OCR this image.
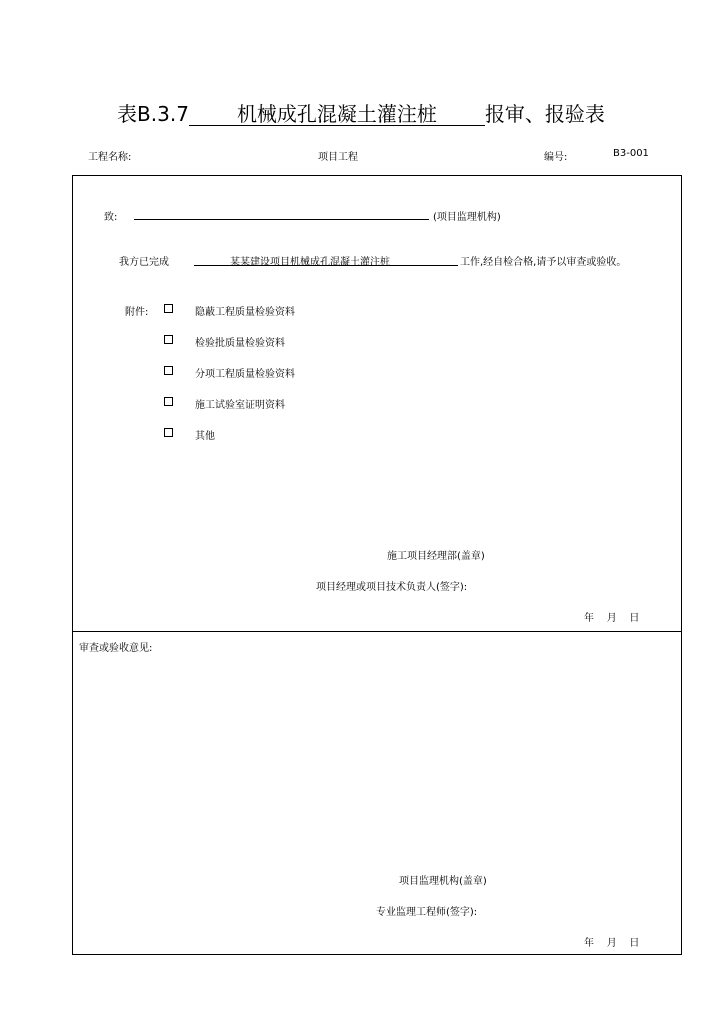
表B.3.7 机械成孔混凝土灌注桩 报审、报验表
工程名称:	项目工程	编号:	B3-001
致:	(项目监理机构)
我方已完成	某某建设项目机械成孔混凝土灌注桩	工作,经自检合格,请予以审查或验收。
附件:	隐蔽工程质量检验资料
检验批质量检验资料
分项工程质量检验资料
施工试验室证明资料
其他
施工项目经理部(盖章)
项目经理或项目技术负责人(签字):
年    月    日
审查或验收意见:
项目监理机构(盖章)
专业监理工程师(签字):
年    月    日
